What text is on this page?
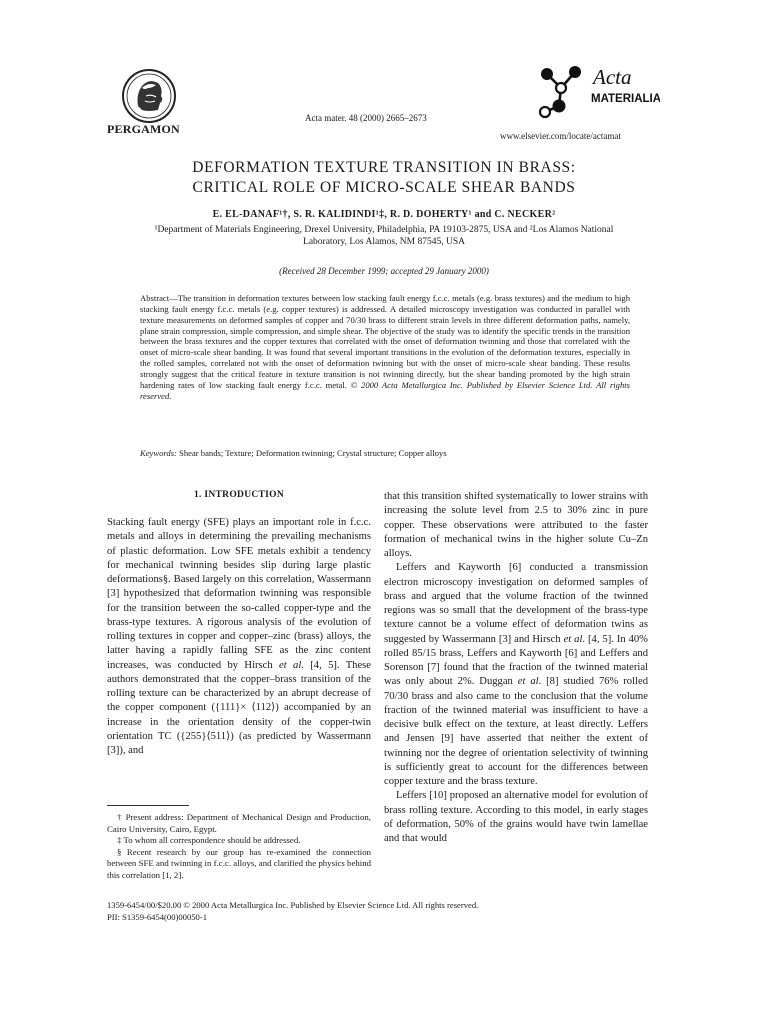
PERGAMON
Acta mater. 48 (2000) 2665–2673
Acta
MATERIALIA
www.elsevier.com/locate/actamat
DEFORMATION TEXTURE TRANSITION IN BRASS:
CRITICAL ROLE OF MICRO-SCALE SHEAR BANDS
E. EL-DANAF¹†, S. R. KALIDINDI¹‡, R. D. DOHERTY¹ and C. NECKER²
¹Department of Materials Engineering, Drexel University, Philadelphia, PA 19103-2875, USA and ²Los Alamos National Laboratory, Los Alamos, NM 87545, USA
(Received 28 December 1999; accepted 29 January 2000)
Abstract—The transition in deformation textures between low stacking fault energy f.c.c. metals (e.g. brass textures) and the medium to high stacking fault energy f.c.c. metals (e.g. copper textures) is addressed. A detailed microscopy investigation was conducted in parallel with texture measurements on deformed samples of copper and 70/30 brass to different strain levels in three different deformation paths, namely, plane strain compression, simple compression, and simple shear. The objective of the study was to identify the specific trends in the transition between the brass textures and the copper textures that correlated with the onset of deformation twinning and those that correlated with the onset of micro-scale shear banding. It was found that several important transitions in the evolution of the deformation textures, especially in the rolled samples, correlated not with the onset of deformation twinning but with the onset of micro-scale shear banding. These results strongly suggest that the critical feature in texture transition is not twinning directly, but the shear banding promoted by the high strain hardening rates of low stacking fault energy f.c.c. metal. © 2000 Acta Metallurgica Inc. Published by Elsevier Science Ltd. All rights reserved.
Keywords: Shear bands; Texture; Deformation twinning; Crystal structure; Copper alloys
1. INTRODUCTION

Stacking fault energy (SFE) plays an important role in f.c.c. metals and alloys in determining the prevailing mechanisms of plastic deformation. Low SFE metals exhibit a tendency for mechanical twinning besides slip during large plastic deformations§. Based largely on this correlation, Wassermann [3] hypothesized that deformation twinning was responsible for the transition between the so-called copper-type and the brass-type textures. A rigorous analysis of the evolution of rolling textures in copper and copper–zinc (brass) alloys, the latter having a rapidly falling SFE as the zinc content increases, was conducted by Hirsch et al. [4, 5]. These authors demonstrated that the copper–brass transition of the rolling texture can be characterized by an abrupt decrease of the copper component ({111}× ⟨112⟩) accompanied by an increase in the orientation density of the copper-twin orientation TC ({255}⟨511⟩) (as predicted by Wassermann [3]), and

† Present address: Department of Mechanical Design and Production, Cairo University, Cairo, Egypt.

‡ To whom all correspondence should be addressed.

§ Recent research by our group has re-examined the connection between SFE and twinning in f.c.c. alloys, and clarified the physics behind this correlation [1, 2].

that this transition shifted systematically to lower strains with increasing the solute level from 2.5 to 30% zinc in pure copper. These observations were attributed to the faster formation of mechanical twins in the higher solute Cu–Zn alloys.

Leffers and Kayworth [6] conducted a transmission electron microscopy investigation on deformed samples of brass and argued that the volume fraction of the twinned regions was so small that the development of the brass-type texture cannot be a volume effect of deformation twins as suggested by Wassermann [3] and Hirsch et al. [4, 5]. In 40% rolled 85/15 brass, Leffers and Kayworth [6] and Leffers and Sorenson [7] found that the fraction of the twinned material was only about 2%. Duggan et al. [8] studied 76% rolled 70/30 brass and also came to the conclusion that the volume fraction of the twinned material was insufficient to have a decisive bulk effect on the texture, at least directly. Leffers and Jensen [9] have asserted that neither the extent of twinning nor the degree of orientation selectivity of twinning is sufficiently great to account for the differences between copper texture and the brass texture.

Leffers [10] proposed an alternative model for evolution of brass rolling texture. According to this model, in early stages of deformation, 50% of the grains would have twin lamellae and that would

1359-6454/00/$20.00 © 2000 Acta Metallurgica Inc. Published by Elsevier Science Ltd. All rights reserved.
PII: S1359-6454(00)00050-1
